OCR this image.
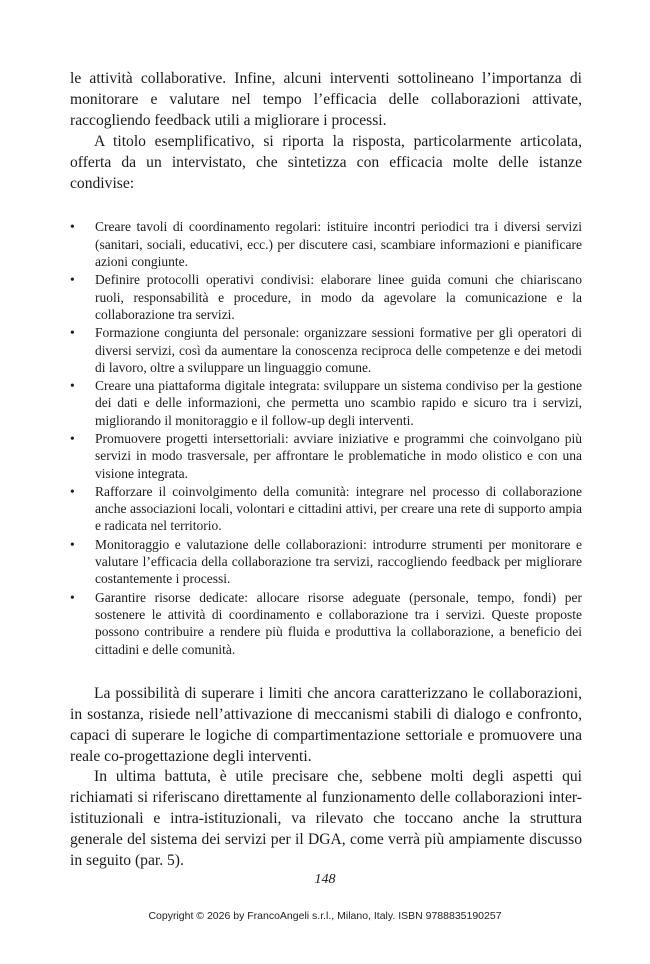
le attività collaborative. Infine, alcuni interventi sottolineano l’importanza di monitorare e valutare nel tempo l’efficacia delle collaborazioni attivate, raccogliendo feedback utili a migliorare i processi.

A titolo esemplificativo, si riporta la risposta, particolarmente articolata, offerta da un intervistato, che sintetizza con efficacia molte delle istanze condivise:

• Creare tavoli di coordinamento regolari: istituire incontri periodici tra i diversi servizi (sanitari, sociali, educativi, ecc.) per discutere casi, scambiare informazioni e pianificare azioni congiunte.
• Definire protocolli operativi condivisi: elaborare linee guida comuni che chiariscano ruoli, responsabilità e procedure, in modo da agevolare la comunicazione e la collaborazione tra servizi.
• Formazione congiunta del personale: organizzare sessioni formative per gli operatori di diversi servizi, così da aumentare la conoscenza reciproca delle competenze e dei metodi di lavoro, oltre a sviluppare un linguaggio comune.
• Creare una piattaforma digitale integrata: sviluppare un sistema condiviso per la gestione dei dati e delle informazioni, che permetta uno scambio rapido e sicuro tra i servizi, migliorando il monitoraggio e il follow-up degli interventi.
• Promuovere progetti intersettoriali: avviare iniziative e programmi che coinvolgano più servizi in modo trasversale, per affrontare le problematiche in modo olistico e con una visione integrata.
• Rafforzare il coinvolgimento della comunità: integrare nel processo di collaborazione anche associazioni locali, volontari e cittadini attivi, per creare una rete di supporto ampia e radicata nel territorio.
• Monitoraggio e valutazione delle collaborazioni: introdurre strumenti per monitorare e valutare l’efficacia della collaborazione tra servizi, raccogliendo feedback per migliorare costantemente i processi.
• Garantire risorse dedicate: allocare risorse adeguate (personale, tempo, fondi) per sostenere le attività di coordinamento e collaborazione tra i servizi. Queste proposte possono contribuire a rendere più fluida e produttiva la collaborazione, a beneficio dei cittadini e delle comunità.

La possibilità di superare i limiti che ancora caratterizzano le collaborazioni, in sostanza, risiede nell’attivazione di meccanismi stabili di dialogo e confronto, capaci di superare le logiche di compartimentazione settoriale e promuovere una reale co-progettazione degli interventi.

In ultima battuta, è utile precisare che, sebbene molti degli aspetti qui richiamati si riferiscano direttamente al funzionamento delle collaborazioni inter-istituzionali e intra-istituzionali, va rilevato che toccano anche la struttura generale del sistema dei servizi per il DGA, come verrà più ampiamente discusso in seguito (par. 5).

148
Copyright © 2026 by FrancoAngeli s.r.l., Milano, Italy. ISBN 9788835190257
